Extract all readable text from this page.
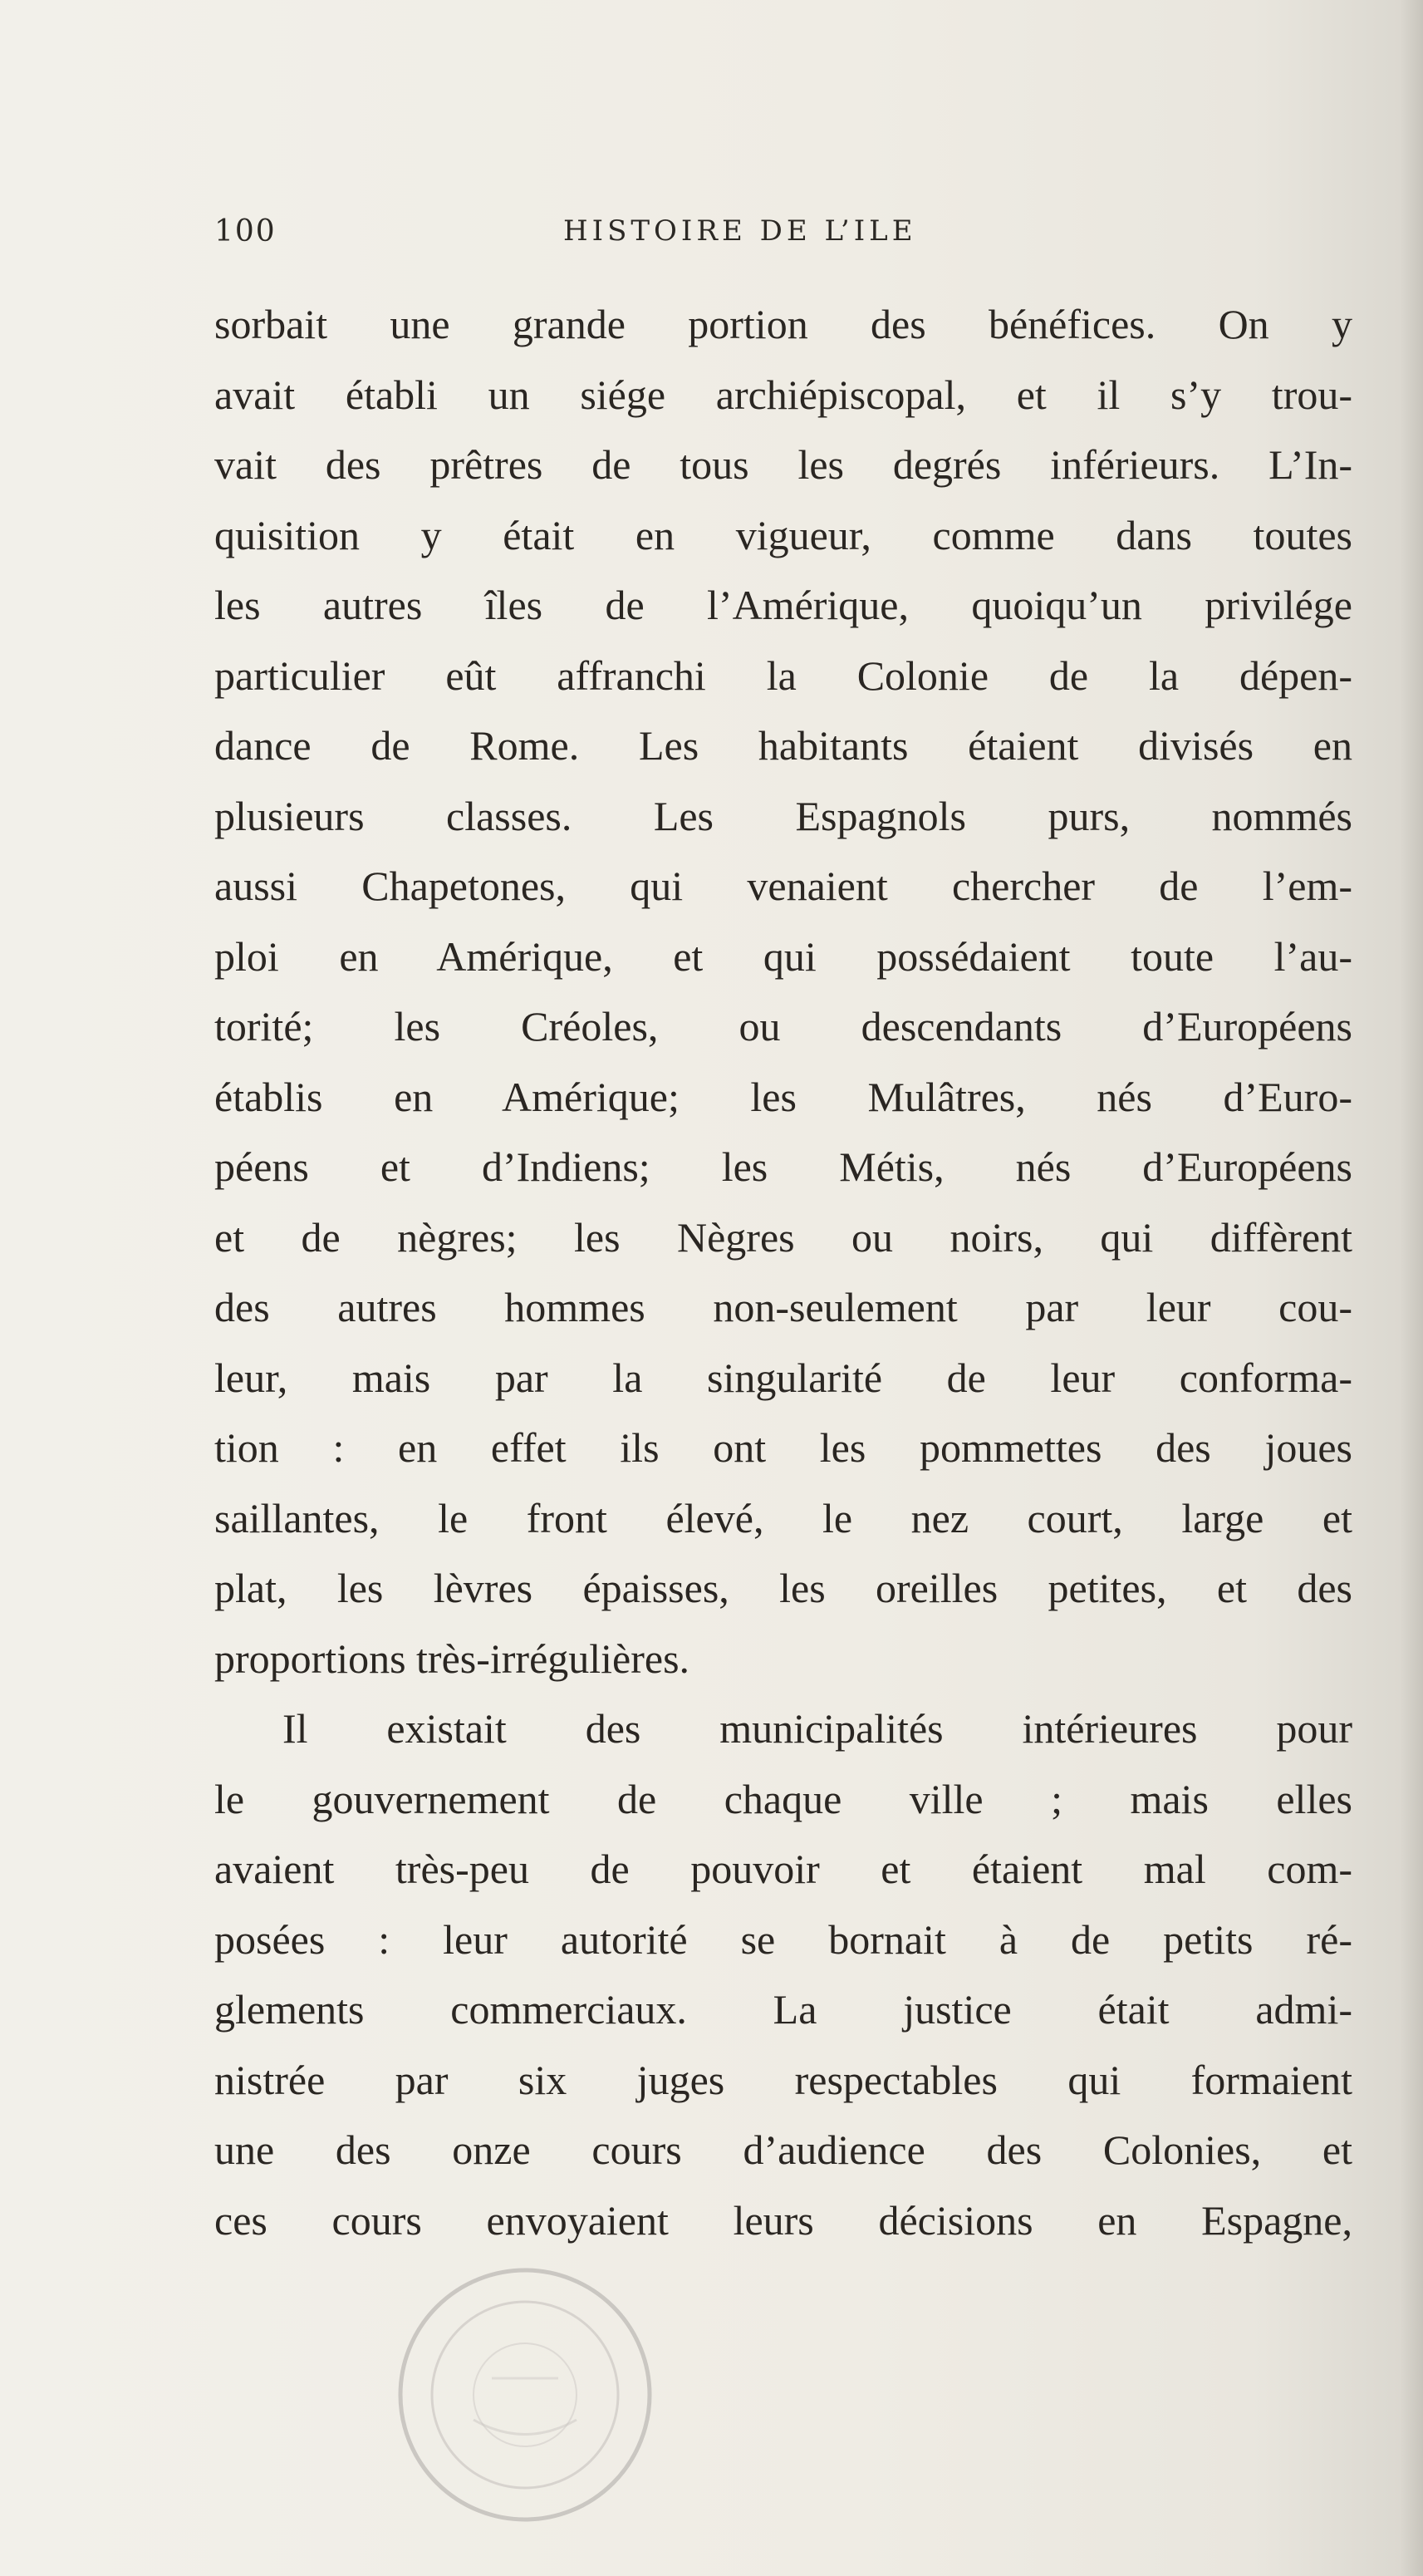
100	HISTOIRE DE L’ILE
sorbait une grande portion des bénéfices. On y
avait établi un siége archiépiscopal, et il s’y trou-
vait des prêtres de tous les degrés inférieurs. L’In-
quisition y était en vigueur, comme dans toutes
les autres îles de l’Amérique, quoiqu’un privilége
particulier eût affranchi la Colonie de la dépen-
dance de Rome. Les habitants étaient divisés en
plusieurs classes. Les Espagnols purs, nommés
aussi Chapetones, qui venaient chercher de l’em-
ploi en Amérique, et qui possédaient toute l’au-
torité; les Créoles, ou descendants d’Européens
établis en Amérique; les Mulâtres, nés d’Euro-
péens et d’Indiens; les Métis, nés d’Européens
et de nègres; les Nègres ou noirs, qui diffèrent
des autres hommes non-seulement par leur cou-
leur, mais par la singularité de leur conforma-
tion : en effet ils ont les pommettes des joues
saillantes, le front élevé, le nez court, large et
plat, les lèvres épaisses, les oreilles petites, et des
proportions très-irrégulières.
Il existait des municipalités intérieures pour
le gouvernement de chaque ville ; mais elles
avaient très-peu de pouvoir et étaient mal com-
posées : leur autorité se bornait à de petits ré-
glements commerciaux. La justice était admi-
nistrée par six juges respectables qui formaient
une des onze cours d’audience des Colonies, et
ces cours envoyaient leurs décisions en Espagne,
